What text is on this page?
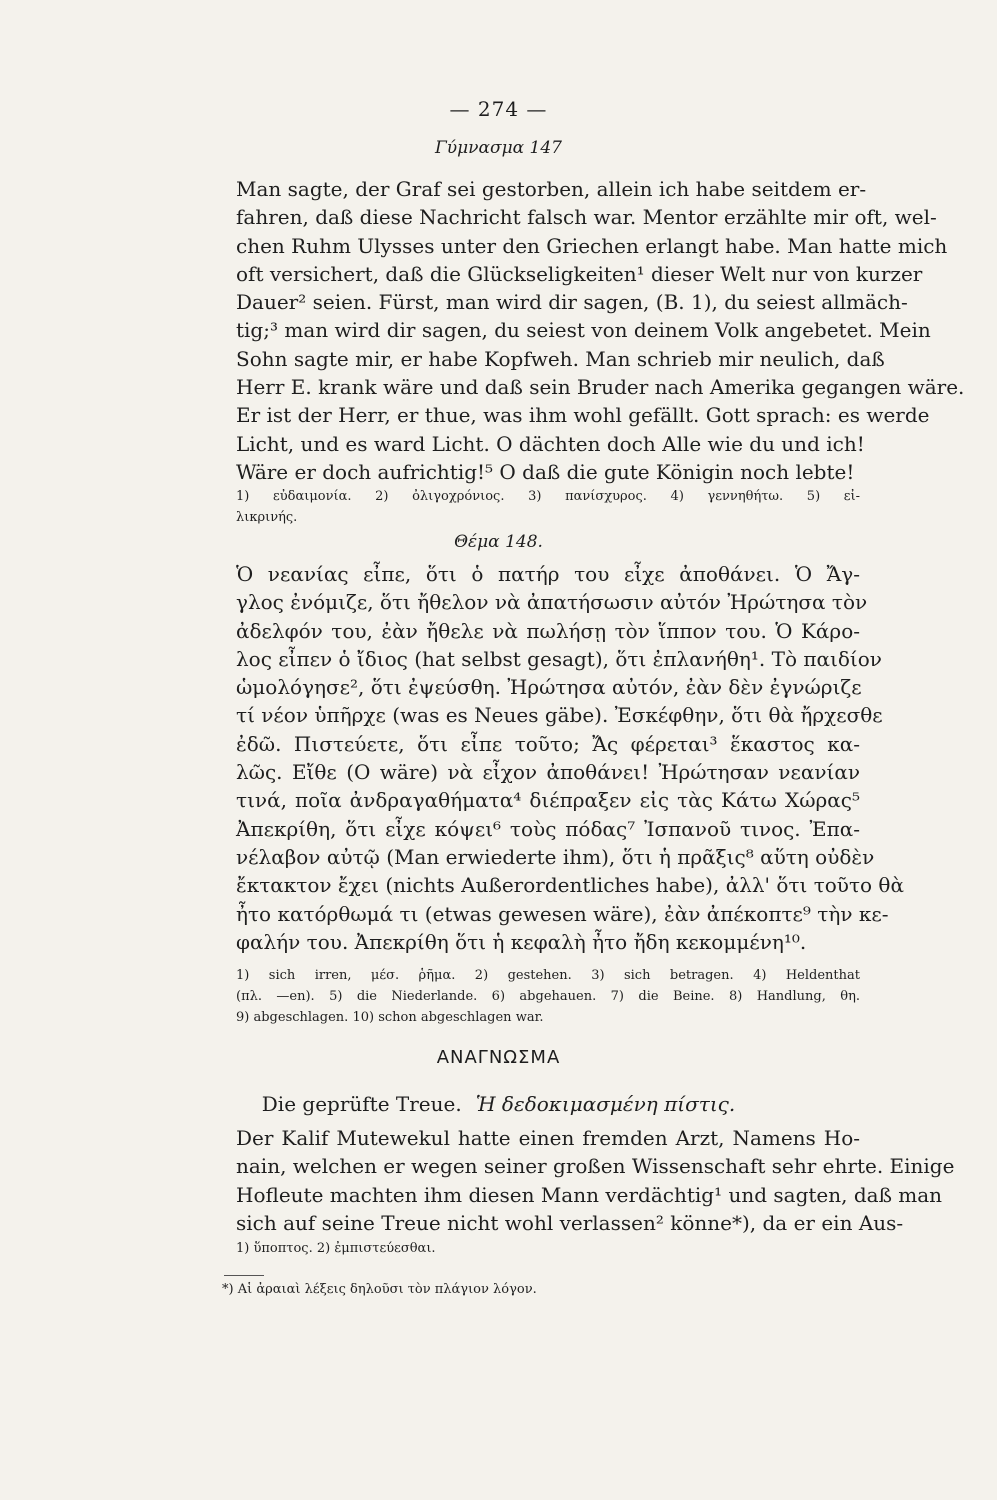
— 274 —
Γύμνασμα 147
Man sagte, der Graf sei gestorben, allein ich habe seitdem er-
fahren, daß diese Nachricht falsch war. Mentor erzählte mir oft, wel-
chen Ruhm Ulysses unter den Griechen erlangt habe. Man hatte mich
oft versichert, daß die Glückseligkeiten¹ dieser Welt nur von kurzer
Dauer² seien. Fürst, man wird dir sagen, (B. 1), du seiest allmäch-
tig;³ man wird dir sagen, du seiest von deinem Volk angebetet. Mein
Sohn sagte mir, er habe Kopfweh. Man schrieb mir neulich, daß
Herr E. krank wäre und daß sein Bruder nach Amerika gegangen wäre.
Er ist der Herr, er thue, was ihm wohl gefällt. Gott sprach: es werde
Licht, und es ward Licht. O dächten doch Alle wie du und ich!
Wäre er doch aufrichtig!⁵ O daß die gute Königin noch lebte!
1) εὐδαιμονία. 2) ὀλιγοχρόνιος. 3) πανίσχυρος. 4) γεννηθήτω. 5) εἰ-
λικρινής.
Θέμα 148.
Ὁ νεανίας εἶπε, ὅτι ὁ πατήρ του εἶχε ἀποθάνει. Ὁ Ἄγ-
γλος ἐνόμιζε, ὅτι ἤθελον νὰ ἀπατήσωσιν αὐτόν Ἠρώτησα τὸν
ἀδελφόν του, ἐὰν ἤθελε νὰ πωλήσῃ τὸν ἵππον του. Ὁ Κάρο-
λος εἶπεν ὁ ἴδιος (hat selbst gesagt), ὅτι ἐπλανήθη¹. Τὸ παιδίον
ὡμολόγησε², ὅτι ἐψεύσθη. Ἠρώτησα αὐτόν, ἐὰν δὲν ἐγνώριζε
τί νέον ὑπῆρχε (was es Neues gäbe). Ἐσκέφθην, ὅτι θὰ ἤρχεσθε
ἐδῶ. Πιστεύετε, ὅτι εἶπε τοῦτο; Ἄς φέρεται³ ἕκαστος κα-
λῶς. Εἴθε (O wäre) νὰ εἶχον ἀποθάνει! Ἠρώτησαν νεανίαν
τινά, ποῖα ἀνδραγαθήματα⁴ διέπραξεν εἰς τὰς Κάτω Χώρας⁵
Ἀπεκρίθη, ὅτι εἶχε κόψει⁶ τοὺς πόδας⁷ Ἰσπανοῦ τινος. Ἐπα-
νέλαβον αὐτῷ (Man erwiederte ihm), ὅτι ἡ πρᾶξις⁸ αὕτη οὐδὲν
ἔκτακτον ἔχει (nichts Außerordentliches habe), ἀλλ' ὅτι τοῦτο θὰ
ἦτο κατόρθωμά τι (etwas gewesen wäre), ἐὰν ἀπέκοπτε⁹ τὴν κε-
φαλήν του. Ἀπεκρίθη ὅτι ἡ κεφαλὴ ἦτο ἤδη κεκομμένη¹⁰.
1) sich irren, μέσ. ῥῆμα. 2) gestehen. 3) sich betragen. 4) Heldenthat
(πλ. —en). 5) die Niederlande. 6) abgehauen. 7) die Beine. 8) Handlung, θη.
9) abgeschlagen. 10) schon abgeschlagen war.
ΑΝΑΓΝΩΣΜΑ
Die geprüfte Treue. Ἡ δεδοκιμασμένη πίστις.
Der Kalif Mutewekul hatte einen fremden Arzt, Namens Ho-
nain, welchen er wegen seiner großen Wissenschaft sehr ehrte. Einige
Hofleute machten ihm diesen Mann verdächtig¹ und sagten, daß man
sich auf seine Treue nicht wohl verlassen² könne*), da er ein Aus-
1) ὕποπτος. 2) ἐμπιστεύεσθαι.
*) Αἱ ἀραιαὶ λέξεις δηλοῦσι τὸν πλάγιον λόγον.
